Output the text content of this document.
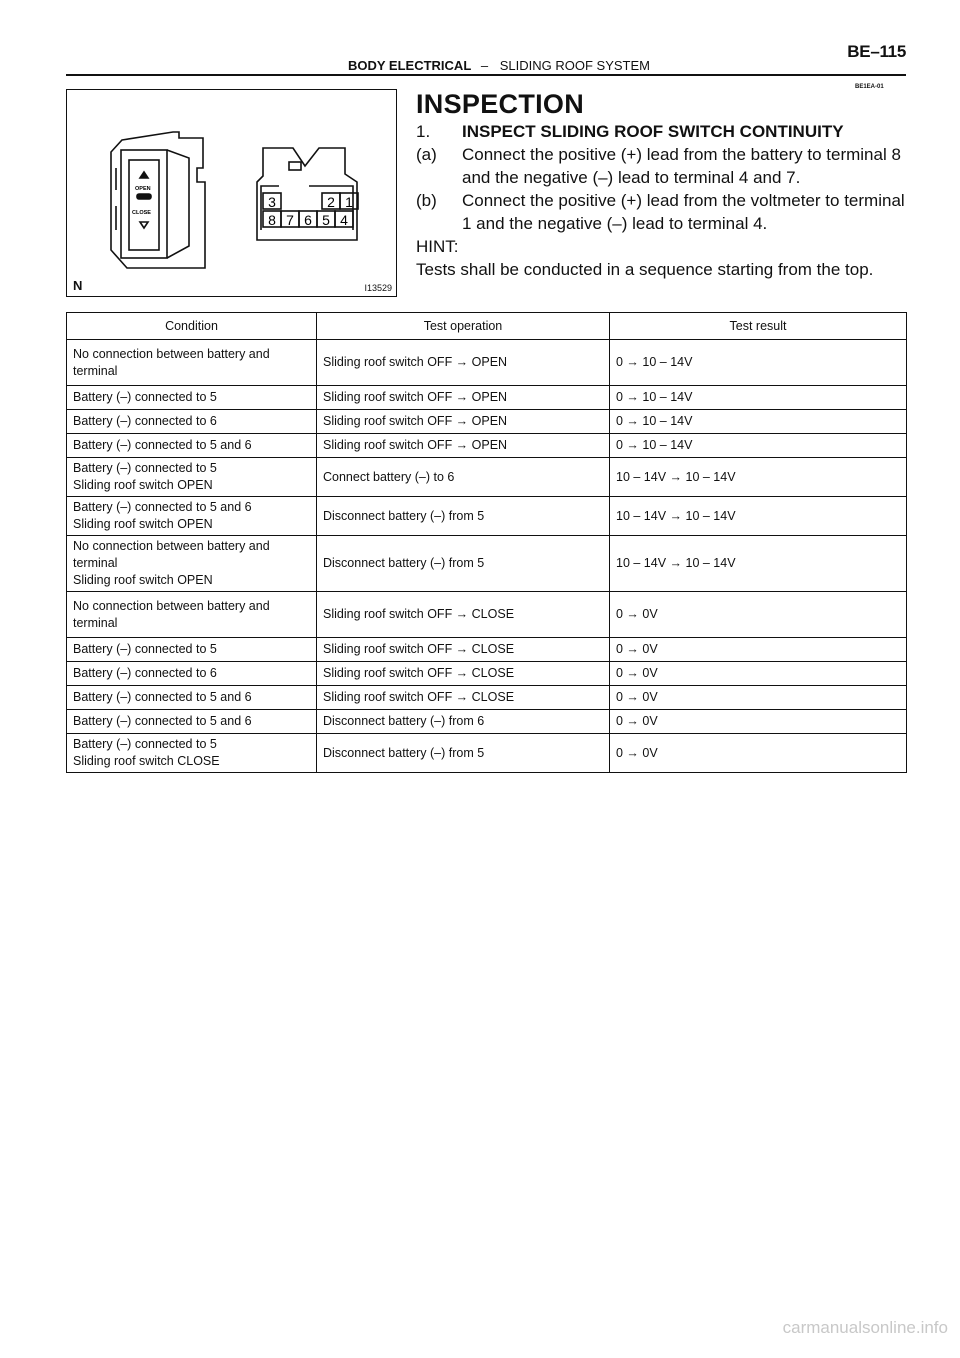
BODY ELECTRICAL – SLIDING ROOF SYSTEM
BE–115
OPEN
CLOSE
3	2 1
8 7 6 5 4
N	I13529
BE1EA-01
INSPECTION
1.	INSPECT SLIDING ROOF SWITCH CONTINUITY
(a)	Connect the positive (+) lead from the battery to terminal 8 and the negative (–) lead to terminal 4 and 7.
(b)	Connect the positive (+) lead from the voltmeter to terminal 1 and the negative (–) lead to terminal 4.
HINT:
Tests shall be conducted in a sequence starting from the top.
Condition	Test operation	Test result
No connection between battery and terminal	Sliding roof switch OFF → OPEN	0 → 10 – 14V
Battery (–) connected to 5	Sliding roof switch OFF → OPEN	0 → 10 – 14V
Battery (–) connected to 6	Sliding roof switch OFF → OPEN	0 → 10 – 14V
Battery (–) connected to 5 and 6	Sliding roof switch OFF → OPEN	0 → 10 – 14V
Battery (–) connected to 5
Sliding roof switch OPEN	Connect battery (–) to 6	10 – 14V → 10 – 14V
Battery (–) connected to 5 and 6
Sliding roof switch OPEN	Disconnect battery (–) from 5	10 – 14V → 10 – 14V
No connection between battery and terminal
Sliding roof switch OPEN	Disconnect battery (–) from 5	10 – 14V → 10 – 14V
No connection between battery and terminal	Sliding roof switch OFF → CLOSE	0 → 0V
Battery (–) connected to 5	Sliding roof switch OFF → CLOSE	0 → 0V
Battery (–) connected to 6	Sliding roof switch OFF → CLOSE	0 → 0V
Battery (–) connected to 5 and 6	Sliding roof switch OFF → CLOSE	0 → 0V
Battery (–) connected to 5 and 6	Disconnect battery (–) from 6	0 → 0V
Battery (–) connected to 5
Sliding roof switch CLOSE	Disconnect battery (–) from 5	0 → 0V
carmanualsonline.info
